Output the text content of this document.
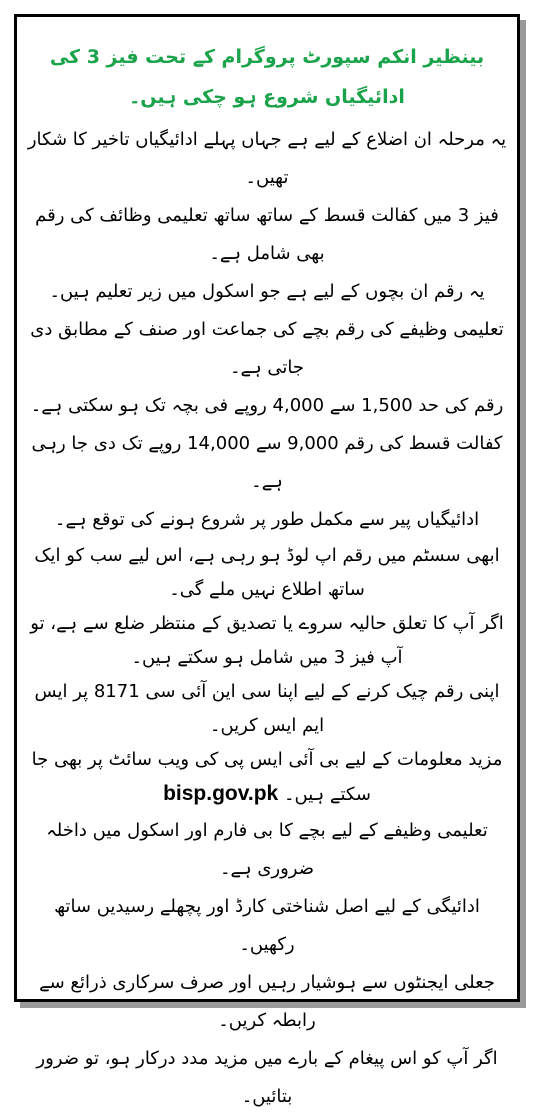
بینظیر انکم سپورٹ پروگرام کے تحت فیز 3 کی ادائیگیاں شروع ہو چکی ہیں۔

یہ مرحلہ ان اضلاع کے لیے ہے جہاں پہلے ادائیگیاں تاخیر کا شکار تھیں۔

فیز 3 میں کفالت قسط کے ساتھ ساتھ تعلیمی وظائف کی رقم بھی شامل ہے۔

یہ رقم ان بچوں کے لیے ہے جو اسکول میں زیر تعلیم ہیں۔

تعلیمی وظیفے کی رقم بچے کی جماعت اور صنف کے مطابق دی جاتی ہے۔

رقم کی حد 1,500 سے 4,000 روپے فی بچہ تک ہو سکتی ہے۔

کفالت قسط کی رقم 9,000 سے 14,000 روپے تک دی جا رہی ہے۔

ادائیگیاں پیر سے مکمل طور پر شروع ہونے کی توقع ہے۔

ابھی سسٹم میں رقم اپ لوڈ ہو رہی ہے، اس لیے سب کو ایک ساتھ اطلاع نہیں ملے گی۔

اگر آپ کا تعلق حالیہ سروے یا تصدیق کے منتظر ضلع سے ہے، تو آپ فیز 3 میں شامل ہو سکتے ہیں۔

اپنی رقم چیک کرنے کے لیے اپنا سی این آئی سی 8171 پر ایس ایم ایس کریں۔

مزید معلومات کے لیے بی آئی ایس پی کی ویب سائٹ پر بھی جا سکتے ہیں۔ bisp.gov.pk

تعلیمی وظیفے کے لیے بچے کا بی فارم اور اسکول میں داخلہ ضروری ہے۔

ادائیگی کے لیے اصل شناختی کارڈ اور پچھلے رسیدیں ساتھ رکھیں۔

جعلی ایجنٹوں سے ہوشیار رہیں اور صرف سرکاری ذرائع سے رابطہ کریں۔

اگر آپ کو اس پیغام کے بارے میں مزید مدد درکار ہو، تو ضرور بتائیں۔
